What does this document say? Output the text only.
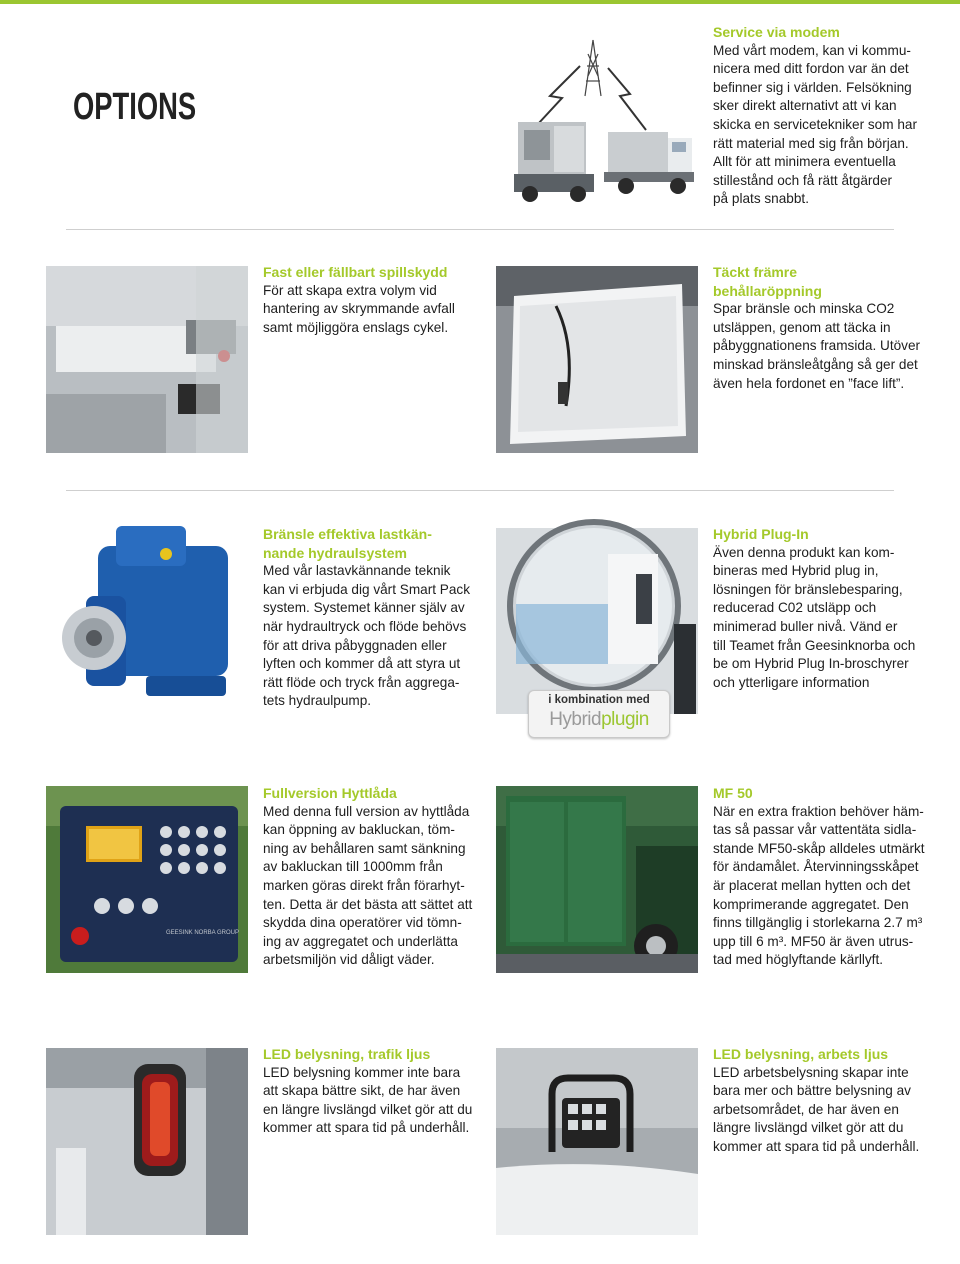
OPTIONS
Service via modem

Med vårt modem, kan vi kommu-

nicera med ditt fordon var än det

befinner sig i världen. Felsökning

sker direkt alternativt att vi kan

skicka en servicetekniker som har

rätt material med sig från början.

Allt för att minimera eventuella

stillestånd och få rätt åtgärder

på plats snabbt.

Fast eller fällbart spillskydd

För att skapa extra volym vid

hantering av skrymmande avfall

samt möjliggöra enslags cykel.

Täckt främre
behållaröppning

Spar bränsle och minska CO2

utsläppen, genom att täcka in

påbyggnationens framsida. Utöver

minskad bränsleåtgång så ger det

även hela fordonet en ”face lift”.

Bränsle effektiva lastkän-
nande hydraulsystem

Med vår lastavkännande teknik

kan vi erbjuda dig vårt Smart Pack

system. Systemet känner själv av

när hydraultryck och flöde behövs

för att driva påbyggnaden eller

lyften och kommer då att styra ut

rätt flöde och tryck från aggrega-

tets hydraulpump.	i kombination med
Hybridplugin
Hybrid Plug-In

Även denna produkt kan kom-

bineras med Hybrid plug in,

lösningen för bränslebesparing,

reducerad C02 utsläpp och

minimerad buller nivå. Vänd er

till Teamet från Geesinknorba och

be om Hybrid Plug In-broschyrer

och ytterligare information

GEESINK NORBA GROUP
Fullversion Hyttlåda

Med denna full version av hyttlåda

kan öppning av bakluckan, töm-

ning av behållaren samt sänkning

av bakluckan till 1000mm från

marken göras direkt från förarhyt-

ten. Detta är det bästa att sättet att

skydda dina operatörer vid tömn-

ing av aggregatet och underlätta

arbetsmiljön vid dåligt väder.

MF 50

När en extra fraktion behöver häm-

tas så passar vår vattentäta sidla-

stande MF50-skåp alldeles utmärkt

för ändamålet. Återvinningsskåpet

är placerat mellan hytten och det

komprimerande aggregatet. Den

finns tillgänglig i storlekarna 2.7 m³

upp till 6 m³. MF50 är även utrus-

tad med höglyftande kärllyft.

LED belysning, trafik ljus

LED belysning kommer inte bara

att skapa bättre sikt, de har även

en längre livslängd vilket gör att du

kommer att spara tid på underhåll.

LED belysning, arbets ljus

LED arbetsbelysning skapar inte

bara mer och bättre belysning av

arbetsområdet, de har även en

längre livslängd vilket gör att du

kommer att spara tid på underhåll.
